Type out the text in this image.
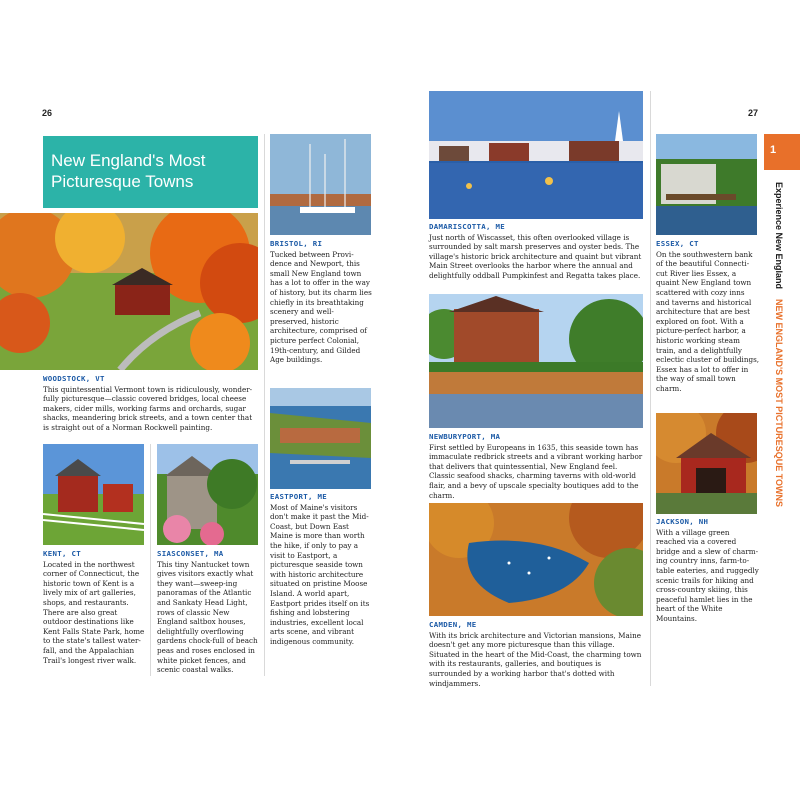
26	27
New England's Most Picturesque Towns
WOODSTOCK, VT
This quintessential Vermont town is ridiculously, wonder-fully picturesque—classic covered bridges, local cheese makers, cider mills, working farms and orchards, sugar shacks, meandering brick streets, and a town center that is straight out of a Norman Rockwell painting.
KENT, CT
Located in the northwest corner of Connecticut, the historic town of Kent is a lively mix of art galleries, shops, and restaurants. There are also great outdoor destinations like Kent Falls State Park, home to the state's tallest water-fall, and the Appalachian Trail's longest river walk.
SIASCONSET, MA
This tiny Nantucket town gives visitors exactly what they want—sweep-ing panoramas of the Atlantic and Sankaty Head Light, rows of classic New England saltbox houses, delightfully overflowing gardens chock-full of beach peas and roses enclosed in white picket fences, and scenic coastal walks.
BRISTOL, RI
Tucked between Provi-dence and Newport, this small New England town has a lot to offer in the way of history, but its charm lies chiefly in its breathtaking scenery and well-preserved, historic architecture, comprised of picture perfect Colonial, 19th-century, and Gilded Age buildings.
EASTPORT, ME
Most of Maine's visitors don't make it past the Mid-Coast, but Down East Maine is more than worth the hike, if only to pay a visit to Eastport, a picturesque seaside town with historic architecture situated on pristine Moose Island. A world apart, Eastport prides itself on its fishing and lobstering industries, excellent local arts scene, and vibrant indigenous community.
DAMARISCOTTA, ME
Just north of Wiscasset, this often overlooked village is surrounded by salt marsh preserves and oyster beds. The village's historic brick architecture and quaint but vibrant Main Street overlooks the harbor where the annual and delightfully oddball Pumpkinfest and Regatta takes place.
NEWBURYPORT, MA
First settled by Europeans in 1635, this seaside town has immaculate redbrick streets and a vibrant working harbor that delivers that quintessential, New England feel. Classic seafood shacks, charming taverns with old-world flair, and a bevy of upscale specialty boutiques add to the charm.
CAMDEN, ME
With its brick architecture and Victorian mansions, Maine doesn't get any more picturesque than this village. Situated in the heart of the Mid-Coast, the charming town with its restaurants, galleries, and boutiques is surrounded by a working harbor that's dotted with windjammers.
ESSEX, CT
On the southwestern bank of the beautiful Connecti-cut River lies Essex, a quaint New England town scattered with cozy inns and taverns and historical architecture that are best explored on foot. With a picture-perfect harbor, a historic working steam train, and a delightfully eclectic cluster of buildings, Essex has a lot to offer in the way of small town charm.
JACKSON, NH
With a village green reached via a covered bridge and a slew of charm-ing country inns, farm-to-table eateries, and ruggedly scenic trails for hiking and cross-country skiing, this peaceful hamlet lies in the heart of the White Mountains.
1
Experience New EnglandNEW ENGLAND'S MOST PICTURESQUE TOWNS
